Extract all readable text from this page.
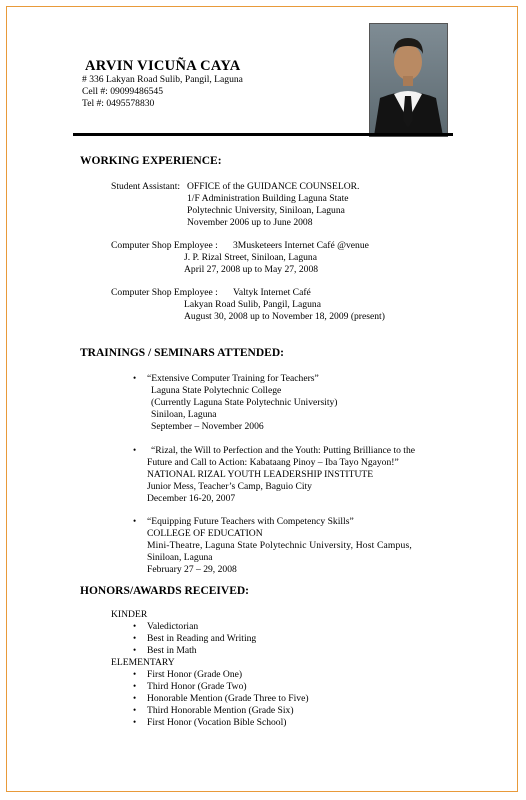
ARVIN VICUÑA CAYA
# 336 Lakyan Road Sulib, Pangil, Laguna
Cell #: 09099486545
Tel #: 0495578830
WORKING EXPERIENCE:
Student Assistant: OFFICE of the GUIDANCE COUNSELOR.
1/F Administration Building Laguna State
Polytechnic University, Siniloan, Laguna
November 2006 up to June 2008
Computer Shop Employee : 3Musketeers Internet Café @venue
J. P. Rizal Street, Siniloan, Laguna
April 27, 2008 up to May 27, 2008
Computer Shop Employee : Valtyk Internet Café
Lakyan Road Sulib, Pangil, Laguna
August 30, 2008 up to November 18, 2009 (present)
TRAININGS / SEMINARS ATTENDED:
• “Extensive Computer Training for Teachers”
Laguna State Polytechnic College
(Currently Laguna State Polytechnic University)
Siniloan, Laguna
September – November 2006
• “Rizal, the Will to Perfection and the Youth: Putting Brilliance to the
Future and Call to Action: Kabataang Pinoy – Iba Tayo Ngayon!”
NATIONAL RIZAL YOUTH LEADERSHIP INSTITUTE
Junior Mess, Teacher’s Camp, Baguio City
December 16-20, 2007
• “Equipping Future Teachers with Competency Skills”
COLLEGE OF EDUCATION
Mini-Theatre, Laguna State Polytechnic University, Host Campus,
Siniloan, Laguna
February 27 – 29, 2008
HONORS/AWARDS RECEIVED:
KINDER
• Valedictorian
• Best in Reading and Writing
• Best in Math
ELEMENTARY
• First Honor (Grade One)
• Third Honor (Grade Two)
• Honorable Mention (Grade Three to Five)
• Third Honorable Mention (Grade Six)
• First Honor (Vocation Bible School)
